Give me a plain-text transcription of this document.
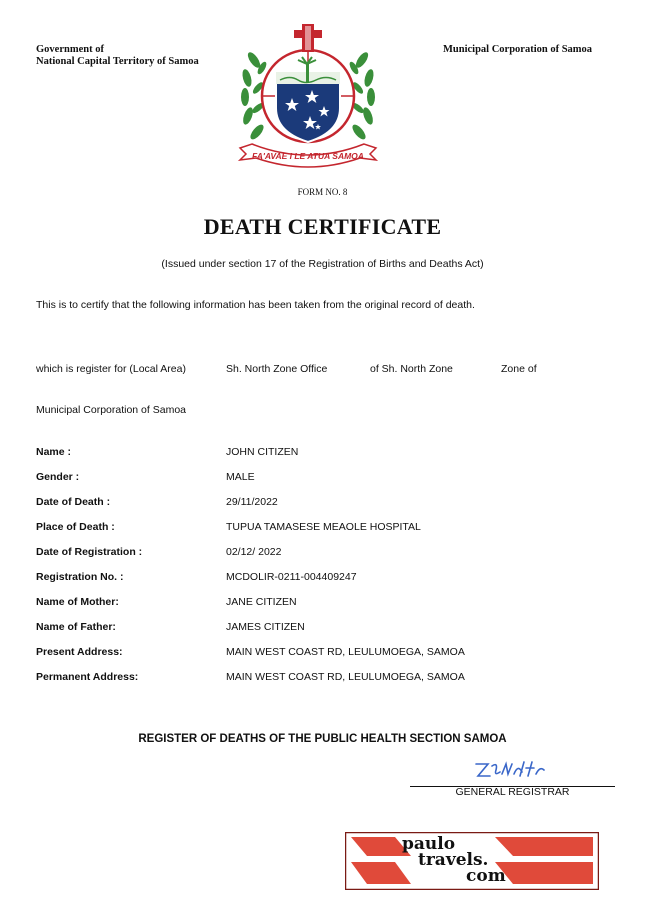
Government of
National Capital Territory of Samoa
Municipal Corporation of Samoa
FA'AVAE I LE ATUA SAMOA
FORM NO. 8
DEATH CERTIFICATE
(Issued under section 17 of the Registration of Births and Deaths Act)
This is to certify that the following information has been taken from the original record of death.
which is register for (Local Area)	Sh. North Zone Office	of Sh. North Zone	Zone of
Municipal Corporation of Samoa
Name :	JOHN CITIZEN
Gender :	MALE
Date of Death :	29/11/2022
Place of Death :	TUPUA TAMASESE MEAOLE HOSPITAL
Date of Registration :	02/12/ 2022
Registration No. :	MCDOLIR-0211-004409247
Name of Mother:	JANE CITIZEN
Name of Father:	JAMES CITIZEN
Present Address:	MAIN WEST COAST RD, LEULUMOEGA, SAMOA
Permanent Address:	MAIN WEST COAST RD, LEULUMOEGA, SAMOA
REGISTER OF DEATHS OF THE PUBLIC HEALTH SECTION SAMOA
GENERAL REGISTRAR
paulo
travels.
com
